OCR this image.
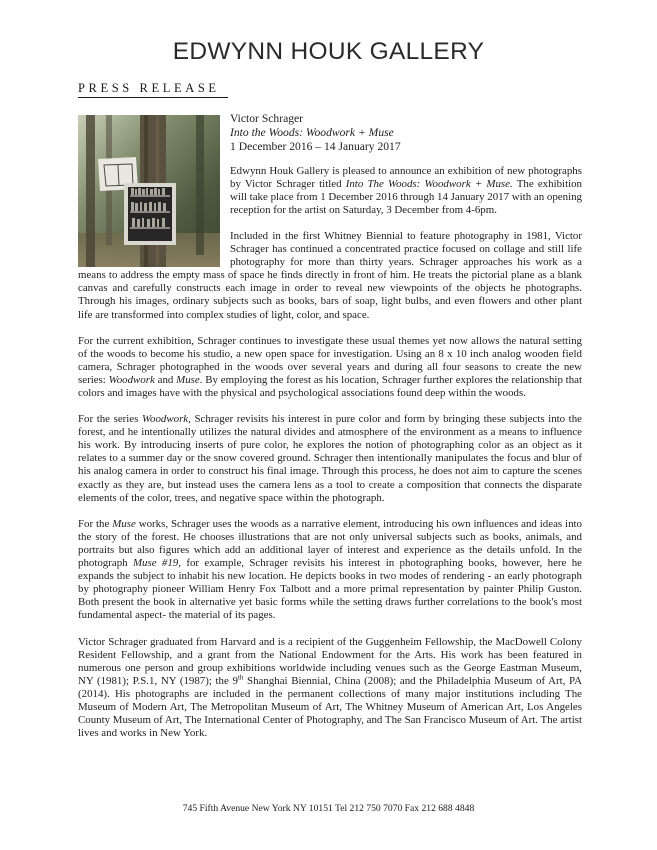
EDWYNN HOUK GALLERY
PRESS RELEASE
Victor Schrager
Into the Woods: Woodwork + Muse
1 December 2016 – 14 January 2017

Edwynn Houk Gallery is pleased to announce an exhibition of new photographs by Victor Schrager titled Into The Woods: Woodwork + Muse. The exhibition will take place from 1 December 2016 through 14 January 2017 with an opening reception for the artist on Saturday, 3 December from 4-6pm.

Included in the first Whitney Biennial to feature photography in 1981, Victor Schrager has continued a concentrated practice focused on collage and still life photography for more than thirty years. Schrager approaches his work as a means to address the empty mass of space he finds directly in front of him. He treats the pictorial plane as a blank canvas and carefully constructs each image in order to reveal new viewpoints of the objects he photographs. Through his images, ordinary subjects such as books, bars of soap, light bulbs, and even flowers and other plant life are transformed into complex studies of light, color, and space.

For the current exhibition, Schrager continues to investigate these usual themes yet now allows the natural setting of the woods to become his studio, a new open space for investigation. Using an 8 x 10 inch analog wooden field camera, Schrager photographed in the woods over several years and during all four seasons to create the new series: Woodwork and Muse. By employing the forest as his location, Schrager further explores the relationship that colors and images have with the physical and psychological associations found deep within the woods.

For the series Woodwork, Schrager revisits his interest in pure color and form by bringing these subjects into the forest, and he intentionally utilizes the natural divides and atmosphere of the environment as a means to influence his work. By introducing inserts of pure color, he explores the notion of photographing color as an object as it relates to a summer day or the snow covered ground. Schrager then intentionally manipulates the focus and blur of his analog camera in order to construct his final image. Through this process, he does not aim to capture the scenes exactly as they are, but instead uses the camera lens as a tool to create a composition that connects the disparate elements of the color, trees, and negative space within the photograph.

For the Muse works, Schrager uses the woods as a narrative element, introducing his own influences and ideas into the story of the forest. He chooses illustrations that are not only universal subjects such as books, animals, and portraits but also figures which add an additional layer of interest and experience as the details unfold. In the photograph Muse #19, for example, Schrager revisits his interest in photographing books, however, here he expands the subject to inhabit his new location. He depicts books in two modes of rendering - an early photograph by photography pioneer William Henry Fox Talbott and a more primal representation by painter Philip Guston. Both present the book in alternative yet basic forms while the setting draws further correlations to the book's most fundamental aspect- the material of its pages.

Victor Schrager graduated from Harvard and is a recipient of the Guggenheim Fellowship, the MacDowell Colony Resident Fellowship, and a grant from the National Endowment for the Arts. His work has been featured in numerous one person and group exhibitions worldwide including venues such as the George Eastman Museum, NY (1981); P.S.1, NY (1987); the 9th Shanghai Biennial, China (2008); and the Philadelphia Museum of Art, PA (2014). His photographs are included in the permanent collections of many major institutions including The Museum of Modern Art, The Metropolitan Museum of Art, The Whitney Museum of American Art, Los Angeles County Museum of Art, The International Center of Photography, and The San Francisco Museum of Art. The artist lives and works in New York.

745 Fifth Avenue New York NY 10151 Tel 212 750 7070 Fax 212 688 4848
